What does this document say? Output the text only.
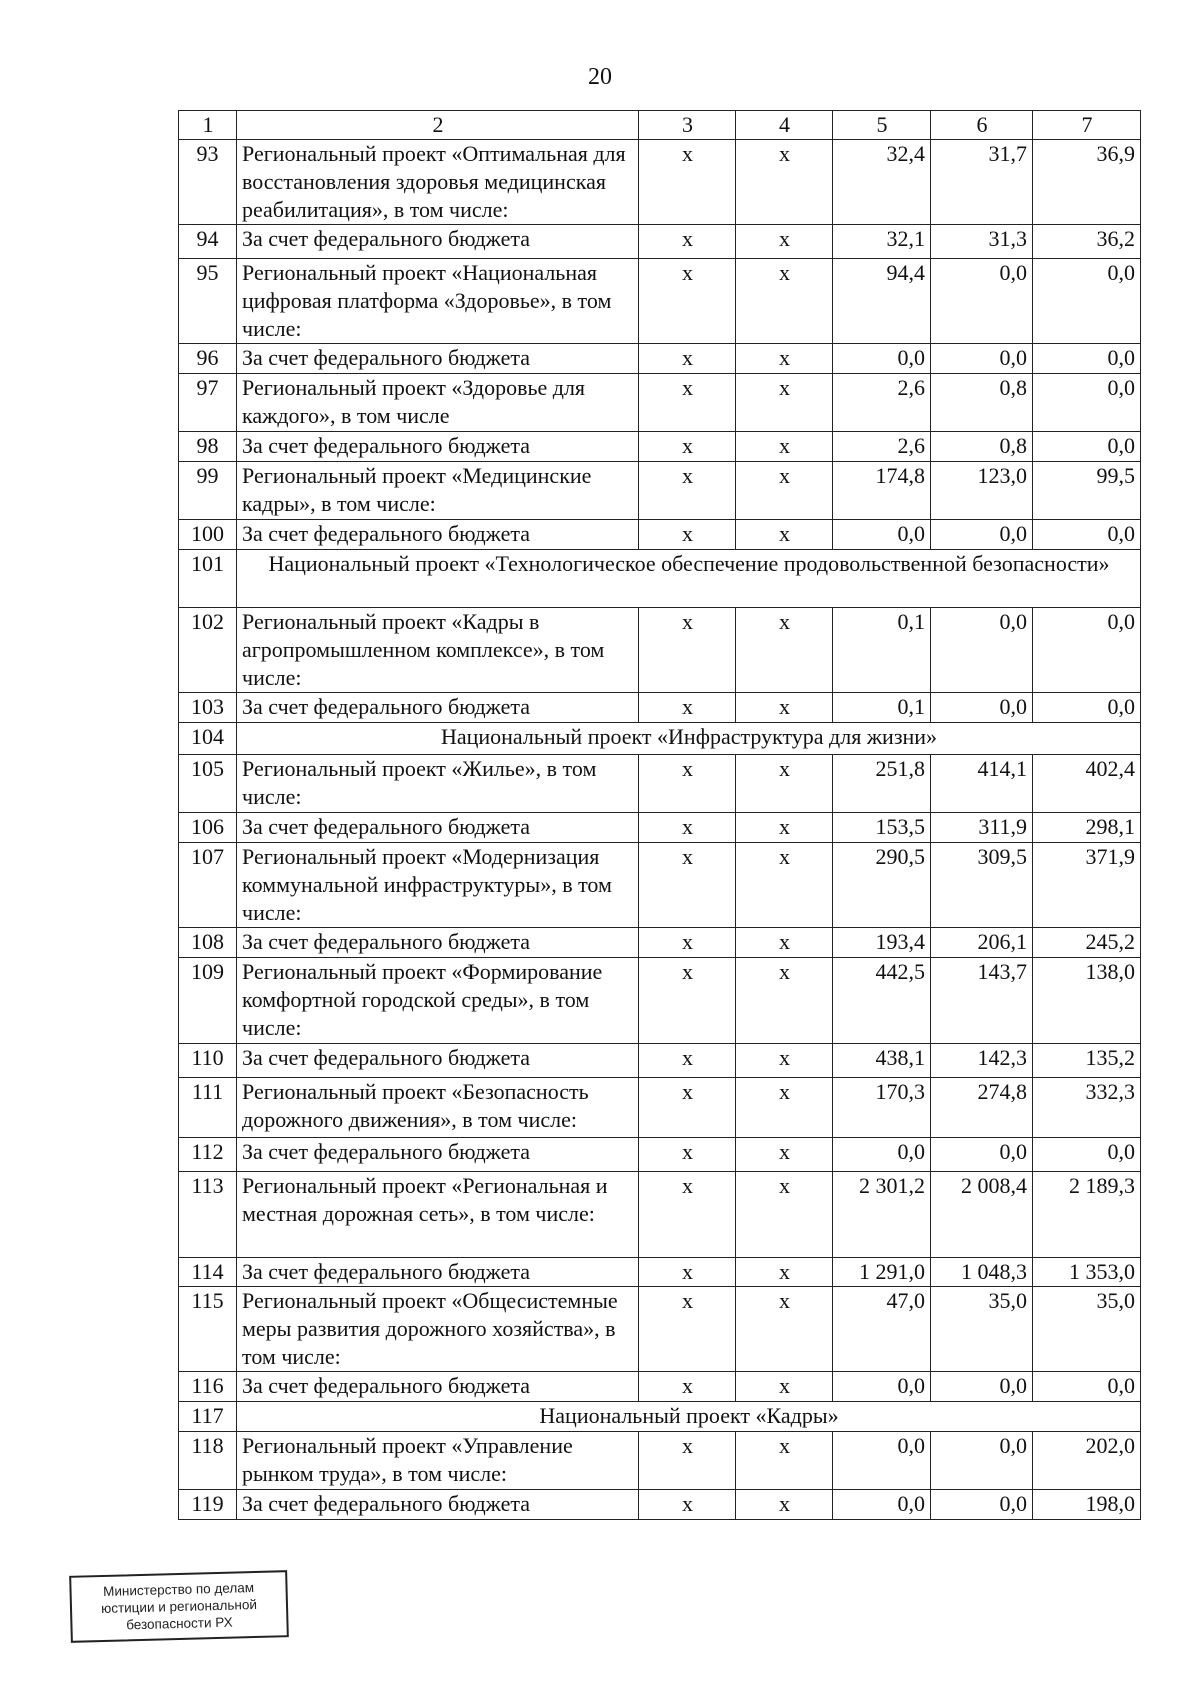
20
1	2	3	4	5	6	7
93	Региональный проект «Оптимальная для восстановления здоровья медицинская реабилитация», в том числе:	х	х	32,4	31,7	36,9
94	За счет федерального бюджета	х	х	32,1	31,3	36,2
95	Региональный проект «Национальная цифровая платформа «Здоровье», в том числе:	х	х	94,4	0,0	0,0
96	За счет федерального бюджета	х	х	0,0	0,0	0,0
97	Региональный проект «Здоровье для каждого», в том числе	х	х	2,6	0,8	0,0
98	За счет федерального бюджета	х	х	2,6	0,8	0,0
99	Региональный проект «Медицинские кадры», в том числе:	х	х	174,8	123,0	99,5
100	За счет федерального бюджета	х	х	0,0	0,0	0,0
101	Национальный проект «Технологическое обеспечение продовольственной безопасности»					
102	Региональный проект «Кадры в агропромышленном комплексе», в том числе:	х	х	0,1	0,0	0,0
103	За счет федерального бюджета	х	х	0,1	0,0	0,0
104	Национальный проект «Инфраструктура для жизни»					
105	Региональный проект «Жилье», в том числе:	х	х	251,8	414,1	402,4
106	За счет федерального бюджета	х	х	153,5	311,9	298,1
107	Региональный проект «Модернизация коммунальной инфраструктуры», в том числе:	х	х	290,5	309,5	371,9
108	За счет федерального бюджета	х	х	193,4	206,1	245,2
109	Региональный проект «Формирование комфортной городской среды», в том числе:	х	х	442,5	143,7	138,0
110	За счет федерального бюджета	х	х	438,1	142,3	135,2
111	Региональный проект «Безопасность дорожного движения», в том числе:	х	х	170,3	274,8	332,3
112	За счет федерального бюджета	х	х	0,0	0,0	0,0
113	Региональный проект «Региональная и местная дорожная сеть», в том числе:	х	х	2 301,2	2 008,4	2 189,3
114	За счет федерального бюджета	х	х	1 291,0	1 048,3	1 353,0
115	Региональный проект «Общесистемные меры развития дорожного хозяйства», в том числе:	х	х	47,0	35,0	35,0
116	За счет федерального бюджета	х	х	0,0	0,0	0,0
117	Национальный проект «Кадры»					
118	Региональный проект «Управление рынком труда», в том числе:	х	х	0,0	0,0	202,0
119	За счет федерального бюджета	х	х	0,0	0,0	198,0
Министерство по делам
юстиции и региональной
безопасности РХ
